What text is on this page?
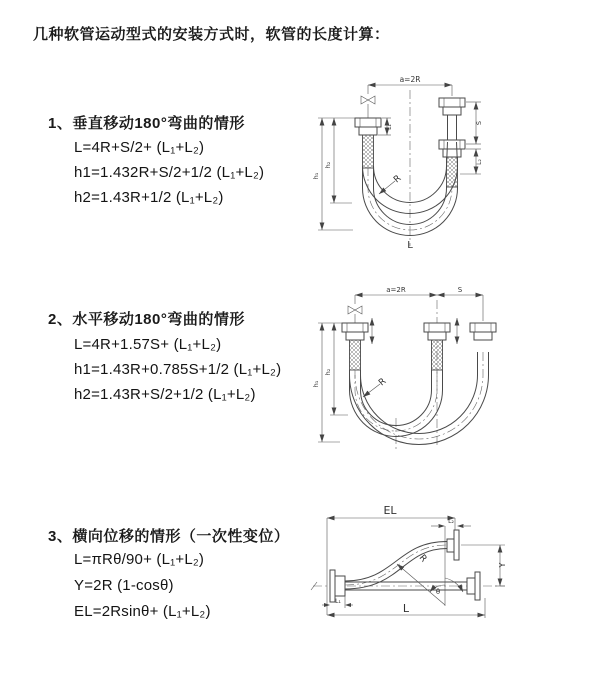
几种软管运动型式的安装方式时，软管的长度计算：
1、垂直移动180°弯曲的情形
L=4R+S/2+ (L₁+L₂)
h1=1.432R+S/2+1/2 (L₁+L₂)
h2=1.43R+1/2 (L₁+L₂)
2、水平移动180°弯曲的情形
L=4R+1.57S+ (L₁+L₂)
h1=1.43R+0.785S+1/2 (L₁+L₂)
h2=1.43R+S/2+1/2 (L₁+L₂)
3、横向位移的情形（一次性变位）
L=πRθ/90+ (L₁+L₂)
Y=2R (1-cosθ)
EL=2Rsinθ+ (L₁+L₂)
a=2R
L₁
S
L₂
h₁
h₂
R
L
a=2R	S
h₁
h₂
R
EL
L₂
R
θ
Y
L₁
L
